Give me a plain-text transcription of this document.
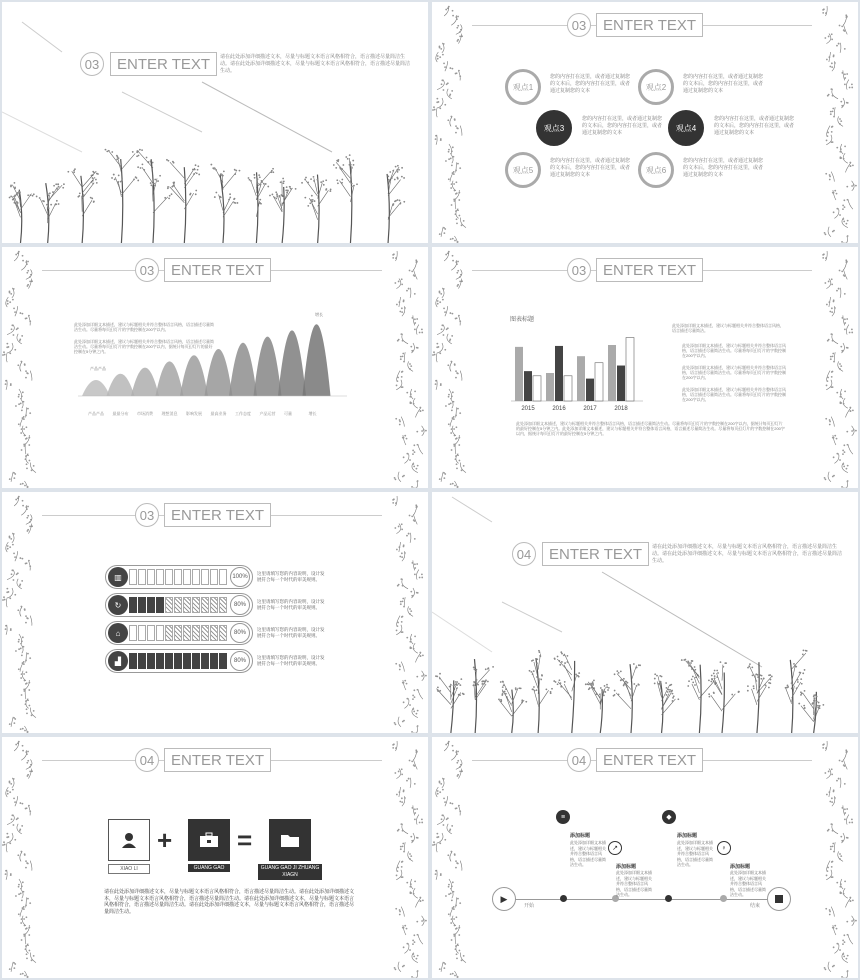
03	ENTER TEXT	请在此处添加详细描述文本，尽量与标题文本语言风格相符合，语言描述尽量简洁生动。请在此处添加详细描述文本，尽量与标题文本语言风格相符合，语言描述尽量简洁生动。
03	ENTER TEXT
观点1
您的内容打在这里，或者通过复制您的文本后，您的内容打在这里，或者通过复制您的文本	观点2
您的内容打在这里，或者通过复制您的文本后，您的内容打在这里，或者通过复制您的文本
观点3
您的内容打在这里，或者通过复制您的文本后，您的内容打在这里，或者通过复制您的文本
观点4
您的内容打在这里，或者通过复制您的文本后，您的内容打在这里，或者通过复制您的文本
观点5
您的内容打在这里，或者通过复制您的文本后，您的内容打在这里，或者通过复制您的文本
观点6
您的内容打在这里，或者通过复制您的文本后，您的内容打在这里，或者通过复制您的文本
03	ENTER TEXT
此处添加详细文本描述，建议与标题相关并符合整体语言风格，语言描述尽量简洁生动。尽量将每页幻灯片的字数控制在200字以内。
此处添加详细文本描述，建议与标题相关并符合整体语言风格，语言描述尽量简洁生动。尽量将每页幻灯片的字数控制在200字以内，据统计每页幻灯片的最好控制在5分钟之内。
产品产品
增长
产品产品 最最分布 市场消费 理想消息 影响发展 最高业务 工作态度 产品运营 可量	增长
03	ENTER TEXT
图表标题
2015	2016	2017	2018
此处添加详细文本描述，建议与标题相关并符合整体语言风格，语言描述尽量简洁。
此处添加详细文本描述，建议与标题相关并符合整体语言风格，语言描述尽量简洁生动。尽量将每页幻灯片的字数控制在200字以内。
此处添加详细文本描述，建议与标题相关并符合整体语言风格，语言描述尽量简洁生动。尽量将每页幻灯片的字数控制在200字以内。
此处添加详细文本描述，建议与标题相关并符合整体语言风格，语言描述尽量简洁生动。尽量将每页幻灯片的字数控制在200字以内。
此处添加详细文本描述，建议与标题相关并符合整体语言风格，语言描述尽量简洁生动。尽量将每页幻灯片的字数控制在200字以内，据统计每页幻灯片的最好控制在5分钟之内。此处添加详细文本描述，建议与标题相关并符合整体语言风格，语言描述尽量简洁生动。尽量将每页幻灯片的字数控制在200字以内，据统计每页幻灯片的最好控制在5分钟之内。
03	ENTER TEXT
▥	100%
这里请填写您的内容说明，设计发展符合每一个时代的审美规则。
↻	80%
这里请填写您的内容说明，设计发展符合每一个时代的审美规则。
⌂	80%
这里请填写您的内容说明，设计发展符合每一个时代的审美规则。
▟	80%
这里请填写您的内容说明，设计发展符合每一个时代的审美规则。
04	ENTER TEXT	请在此处添加详细描述文本，尽量与标题文本语言风格相符合，语言描述尽量简洁生动。请在此处添加详细描述文本，尽量与标题文本语言风格相符合，语言描述尽量简洁生动。
04	ENTER TEXT
XIAO LI
+
GUANG GAO
=
GUANG GAO JI ZHUANG XIAGN
请在此处添加详细描述文本，尽量与标题文本语言风格相符合，语言描述尽量简洁生动。请在此处添加详细描述文本，尽量与标题文本语言风格相符合，语言描述尽量简洁生动。请在此处添加详细描述文本，尽量与标题文本语言风格相符合，语言描述尽量简洁生动。请在此处添加详细描述文本，尽量与标题文本语言风格相符合，语言描述尽量简洁生动。
04	ENTER TEXT
▶
开始	结束
≡
添加标题
此处添加详细文本描述，建议与标题相关并符合整体语言风格，语言描述尽量简洁生动。
↗
添加标题
此处添加详细文本描述，建议与标题相关并符合整体语言风格，语言描述尽量简洁生动。
◆
添加标题
此处添加详细文本描述，建议与标题相关并符合整体语言风格，语言描述尽量简洁生动。
♀
添加标题
此处添加详细文本描述，建议与标题相关并符合整体语言风格，语言描述尽量简洁生动。
